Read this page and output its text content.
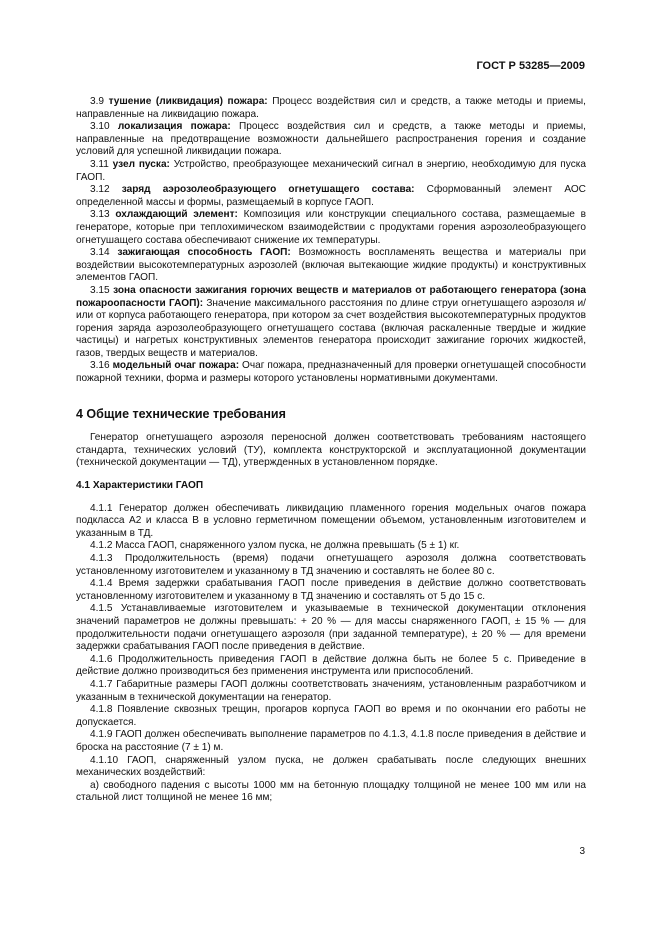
ГОСТ Р 53285—2009

3.9 тушение (ликвидация) пожара: Процесс воздействия сил и средств, а также методы и приемы, направленные на ликвидацию пожара.

3.10 локализация пожара: Процесс воздействия сил и средств, а также методы и приемы, направленные на предотвращение возможности дальнейшего распространения горения и создание условий для успешной ликвидации пожара.

3.11 узел пуска: Устройство, преобразующее механический сигнал в энергию, необходимую для пуска ГАОП.

3.12 заряд аэрозолеобразующего огнетушащего состава: Сформованный элемент АОС определенной массы и формы, размещаемый в корпусе ГАОП.

3.13 охлаждающий элемент: Композиция или конструкции специального состава, размещаемые в генераторе, которые при теплохимическом взаимодействии с продуктами горения аэрозолеобразующего огнетушащего состава обеспечивают снижение их температуры.

3.14 зажигающая способность ГАОП: Возможность воспламенять вещества и материалы при воздействии высокотемпературных аэрозолей (включая вытекающие жидкие продукты) и конструктивных элементов ГАОП.

3.15 зона опасности зажигания горючих веществ и материалов от работающего генератора (зона пожароопасности ГАОП): Значение максимального расстояния по длине струи огнетушащего аэрозоля и/или от корпуса работающего генератора, при котором за счет воздействия высокотемпературных продуктов горения заряда аэрозолеобразующего огнетушащего состава (включая раскаленные твердые и жидкие частицы) и нагретых конструктивных элементов генератора происходит зажигание горючих жидкостей, газов, твердых веществ и материалов.

3.16 модельный очаг пожара: Очаг пожара, предназначенный для проверки огнетушащей способности пожарной техники, форма и размеры которого установлены нормативными документами.

4 Общие технические требования

Генератор огнетушащего аэрозоля переносной должен соответствовать требованиям настоящего стандарта, технических условий (ТУ), комплекта конструкторской и эксплуатационной документации (технической документации — ТД), утвержденных в установленном порядке.

4.1 Характеристики ГАОП

4.1.1 Генератор должен обеспечивать ликвидацию пламенного горения модельных очагов пожара подкласса А2 и класса В в условно герметичном помещении объемом, установленным изготовителем и указанным в ТД.

4.1.2 Масса ГАОП, снаряженного узлом пуска, не должна превышать (5 ± 1) кг.

4.1.3 Продолжительность (время) подачи огнетушащего аэрозоля должна соответствовать установленному изготовителем и указанному в ТД значению и составлять не более 80 с.

4.1.4 Время задержки срабатывания ГАОП после приведения в действие должно соответствовать установленному изготовителем и указанному в ТД значению и составлять от 5 до 15 с.

4.1.5 Устанавливаемые изготовителем и указываемые в технической документации отклонения значений параметров не должны превышать: + 20 % — для массы снаряженного ГАОП, ± 15 % — для продолжительности подачи огнетушащего аэрозоля (при заданной температуре), ± 20 % — для времени задержки срабатывания ГАОП после приведения в действие.

4.1.6 Продолжительность приведения ГАОП в действие должна быть не более 5 с. Приведение в действие должно производиться без применения инструмента или приспособлений.

4.1.7 Габаритные размеры ГАОП должны соответствовать значениям, установленным разработчиком и указанным в технической документации на генератор.

4.1.8 Появление сквозных трещин, прогаров корпуса ГАОП во время и по окончании его работы не допускается.

4.1.9 ГАОП должен обеспечивать выполнение параметров по 4.1.3, 4.1.8 после приведения в действие и броска на расстояние (7 ± 1) м.

4.1.10 ГАОП, снаряженный узлом пуска, не должен срабатывать после следующих внешних механических воздействий:

а) свободного падения с высоты 1000 мм на бетонную площадку толщиной не менее 100 мм или на стальной лист толщиной не менее 16 мм;

3
